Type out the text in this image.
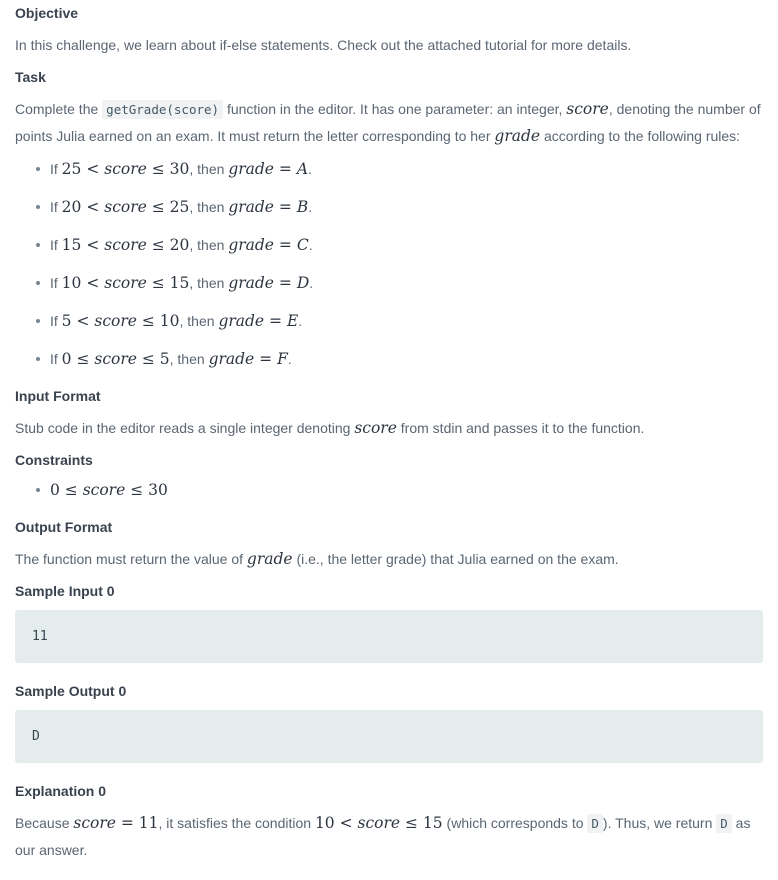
Objective

In this challenge, we learn about if-else statements. Check out the attached tutorial for more details.

Task

Complete the getGrade(score) function in the editor. It has one parameter: an integer, score, denoting the number of points Julia earned on an exam. It must return the letter corresponding to her grade according to the following rules:

If 25 < score ≤ 30, then grade = A.
If 20 < score ≤ 25, then grade = B.
If 15 < score ≤ 20, then grade = C.
If 10 < score ≤ 15, then grade = D.
If 5 < score ≤ 10, then grade = E.
If 0 ≤ score ≤ 5, then grade = F.
Input Format

Stub code in the editor reads a single integer denoting score from stdin and passes it to the function.

Constraints
0 ≤ score ≤ 30
Output Format

The function must return the value of grade (i.e., the letter grade) that Julia earned on the exam.

Sample Input 0
11
Sample Output 0
D
Explanation 0

Because score = 11, it satisfies the condition 10 < score ≤ 15 (which corresponds to D ). Thus, we return D as our answer.
